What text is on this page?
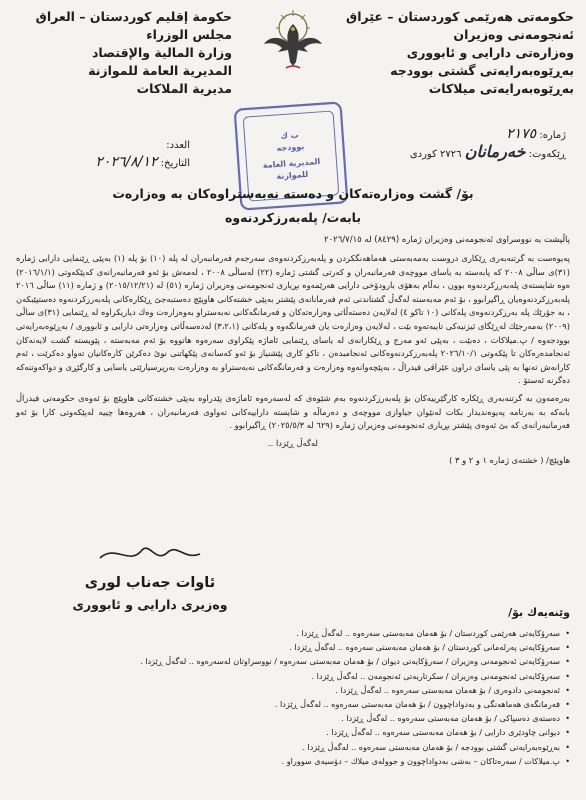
حكومەتی هەرێمی كوردستان – عێراق
ئەنجومەنی وەزیران
وەزارەتی دارایی و ئابووری
بەڕێوەبەرایەتی گشتی بوودجە
بەڕێوەبەرایەتی میلاكات
حكومة إقليم كوردستان – العراق
مجلس الوزراء
وزارة المالية والإقتصاد
المديرية العامة للموازنة
مديرية الملاكات
ب ك
بوودجه
المديرية العامة
للموازنة
ژمارە: ٢١٧٥
ڕێكەوت: خەرمانان ٢٧٢٦ كوردی
العدد:
التاريخ: ٢٠٢٦/٨/١٢
بۆ/ گشت وەزارەتەكان و دەستە نەبەستراوەكان بە وەزارەت
بابەت/ پلەبەرزكردنەوە
پاڵپشت بە نووسراوی ئەنجومەنی وەزیران ژمارە (٨٤٢٩) لە ٢٠٢٦/٧/١٥

پەیوەست بە گرتنەبەری ڕێكاری دروست بەمەبەستی هەماهەنگكردن و پلەبەرزكردنەوەی سەرجەم فەرمانبەران لە پلە (١٠) بۆ پلە (١) بەپێی ڕێنمایی دارایی ژمارە (٣١)ی ساڵی ٢٠٠٨ كە پابەستە بە یاسای مووچەی فەرمانبەران و كەرتی گشتی ژمارە (٢٢) لەساڵی ٢٠٠٨ ، لەمەش بۆ ئەو فەرمانبەرانەی كەپێكەوتی (٢٠١٦/١/١) ەوە شایستەی پلەبەرزكردنەوە بوون ، بەڵام بەهۆی بارودۆخی دارایی هەرێمەوە بڕیاری ئەنجومەنی وەزیران ژمارە (٥١) لە (٢٠١٥/١٢/٢١) و ژمارە (١١) ساڵی ٢٠١٦ پلەبەرزكردنەوەیان ڕاگیرابوو ، بۆ ئەم مەبەستە لەگەڵ گشتاندنی ئەم فەرمانانەی پێشتر بەپێی خشتەكانی هاوپێچ دەستبەجێ ڕێكارەكانی پلەبەرزكردنەوە دەستپێبكەن ، بە جۆرێك پلە بەرزكردنەوەی پلەكانی (١٠ تاكو ٤) لەلایەن دەستەڵاتی وەزارەتەكان و فەرمانگەكانی نەبەستراو بەوەزارەت وەك دیاریكراوە لە ڕێنمایی (٣١)ی ساڵی (٢٠٠٩) بەمەرجێك لەڕێگای ئیزنیەكی تایبەتەوە بێت ، لەلایەن وەزارەت یان فەرمانگەوە و پلەكانی (٣،٢،١) لەدەسەڵاتی وەزارەتی دارایی و ئابووری / بەڕێوەبەرایەتی بوودجەوە / پ.میلاكات ، دەبێت ، بەپێی ئەو مەرج و ڕێكارانەی لە یاسای ڕێنمایی ئاماژە پێكراوی سەرەوە هاتووە بۆ ئەم مەبەستە ، پێویستە گشت لایەنەكان ئەنجامدەرەكان تا پێكەوتی ٢٠٢٦/١٠/١ پلەبەرزكردنەوەكانی ئەنجامبدەن ، تاكو كاری پێشنیاز بۆ ئەو كەسانەی پێكهاتنی نوێ دەكرێن كارەكانیان تەواو دەكرێت ، ئەم كارانەش تەنها بە پێی یاسای دراون عێراقی فیدراڵ ، بەپێچەوانەوە وەزارەت و فەرمانگەكانی نەبەستراو بە وەزارەت بەرپرسیارێتی یاسایی و كارگێڕی و دواكەوتنەكە دەگرنە ئەستۆ .

بەرەمەون بە گرتنەبەری ڕێكارە كارگێرییەكان بۆ پلەبەرزكردنەوە بەم شێوەی كە لەسەرەوە ئاماژەی پێدراوە بەپێی خشتەكانی هاوپێچ بۆ ئەوەی حكومەتی فیدراڵ بابەكە بە بەرنامە پەیوەندیدار بكات لەنێوان جیاوازی مووچەی و دەرماڵە و شایستە داراییەكانی تەواوی فەرمانبەران ، هەروەها چییە لەپێكەوتی كارا بۆ ئەو فەرمانبەرانەی كە بێ ئەوەی پێشتر بڕیاری ئەنجومەنی وەزیران ژمارە (٦٢٩ لە ٢٠٢٥/٥/٣) ڕاگیرابوو .

لەگەڵ ڕێزدا ..

هاوپێچ/ ( خشتەی ژمارە ١ و ٢ و ٣ )

ئاوات جەناب لوری
وەزیری دارایی و ئابووری
وێنەیەك بۆ/
•سەرۆكایەتی هەرێمی كوردستان / بۆ هەمان مەبەستی سەرەوە .. لەگەڵ ڕێزدا .
•سەرۆكایەتی پەرلەمانی كوردستان / بۆ هەمان مەبەستی سەرەوە .. لەگەڵ ڕێزدا .
•سەرۆكایەتی ئەنجومەنی وەزیران / سەرۆكایەتی دیوان / بۆ هەمان مەبەستی سەرەوە / نووسراوتان لەسەرەوە .. لەگەڵ ڕێزدا .
•سەرۆكایەتی ئەنجومەنی وەزیران / سكرتاریەتی ئەنجومەن .. لەگەڵ ڕێزدا .
•ئەنجومەنی دادوەری / بۆ هەمان مەبەستی سەرەوە .. لەگەڵ ڕێزدا .
•فەرمانگەی هەماهەنگی و بەدواداچوون / بۆ هەمان مەبەستی سەرەوە .. لەگەڵ ڕێزدا .
•دەستەی دەسپاكی / بۆ هەمان مەبەستی سەرەوە .. لەگەڵ ڕێزدا .
•دیوانی چاودێری دارایی / بۆ هەمان مەبەستی سەرەوە .. لەگەڵ ڕێزدا .
•بەڕێوەبەرایەتی گشتی بوودجە / بۆ هەمان مەبەستی سەرەوە .. لەگەڵ ڕێزدا .
•پ.میلاكات / سەرەتاكان – بەشی بەدواداچوون و جوولەی میلاك – دۆسیەی سووراو .
